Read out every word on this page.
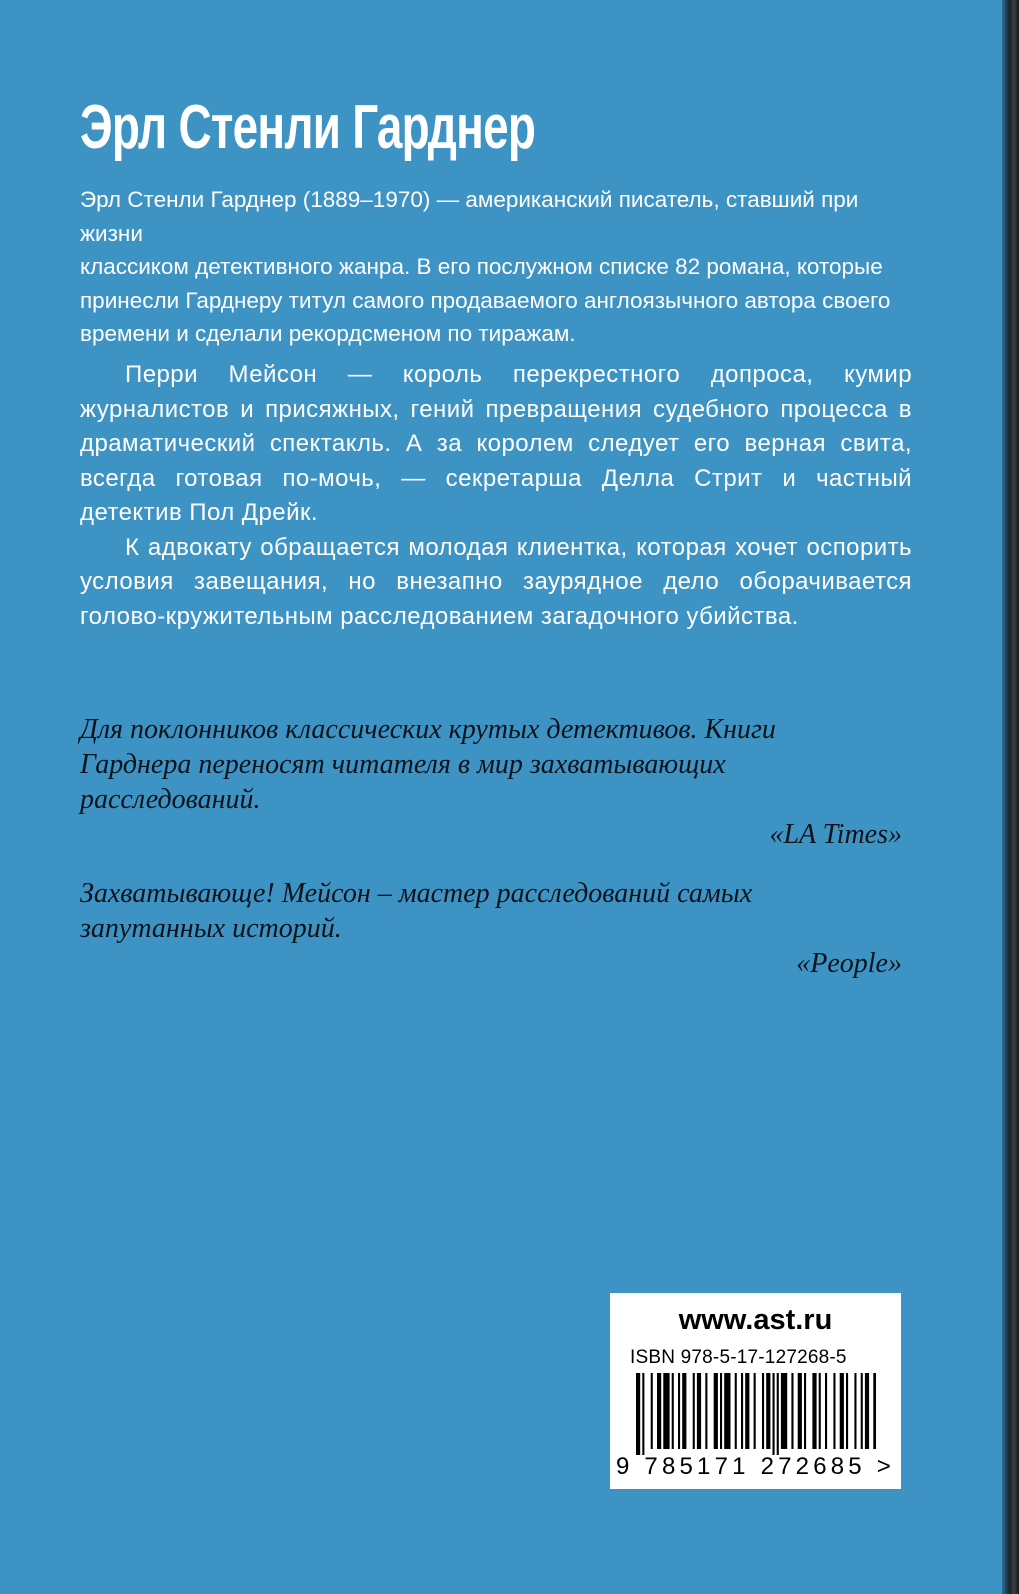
Эрл Стенли Гарднер

Эрл Стенли Гарднер (1889–1970) — американский писатель, ставший при жизни
классиком детективного жанра. В его послужном списке 82 романа, которые
принесли Гарднеру титул самого продаваемого англоязычного автора своего
времени и сделали рекордсменом по тиражам.

Перри Мейсон — король перекрестного допроса, кумир журналистов и присяжных, гений превращения судебного процесса в драматический спектакль. А за королем следует его верная свита, всегда готовая по-мочь, — секретарша Делла Стрит и частный детектив Пол Дрейк.

К адвокату обращается молодая клиентка, которая хочет оспорить условия завещания, но внезапно заурядное дело оборачивается голово-кружительным расследованием загадочного убийства.

Для поклонников классических крутых детективов. Книги
Гарднера переносят читателя в мир захватывающих
расследований.

«LA Times»

Захватывающе! Мейсон – мастер расследований самых
запутанных историй.

«People»

www.ast.ru
ISBN 978-5-17-127268-5
9 785171 272685 >
